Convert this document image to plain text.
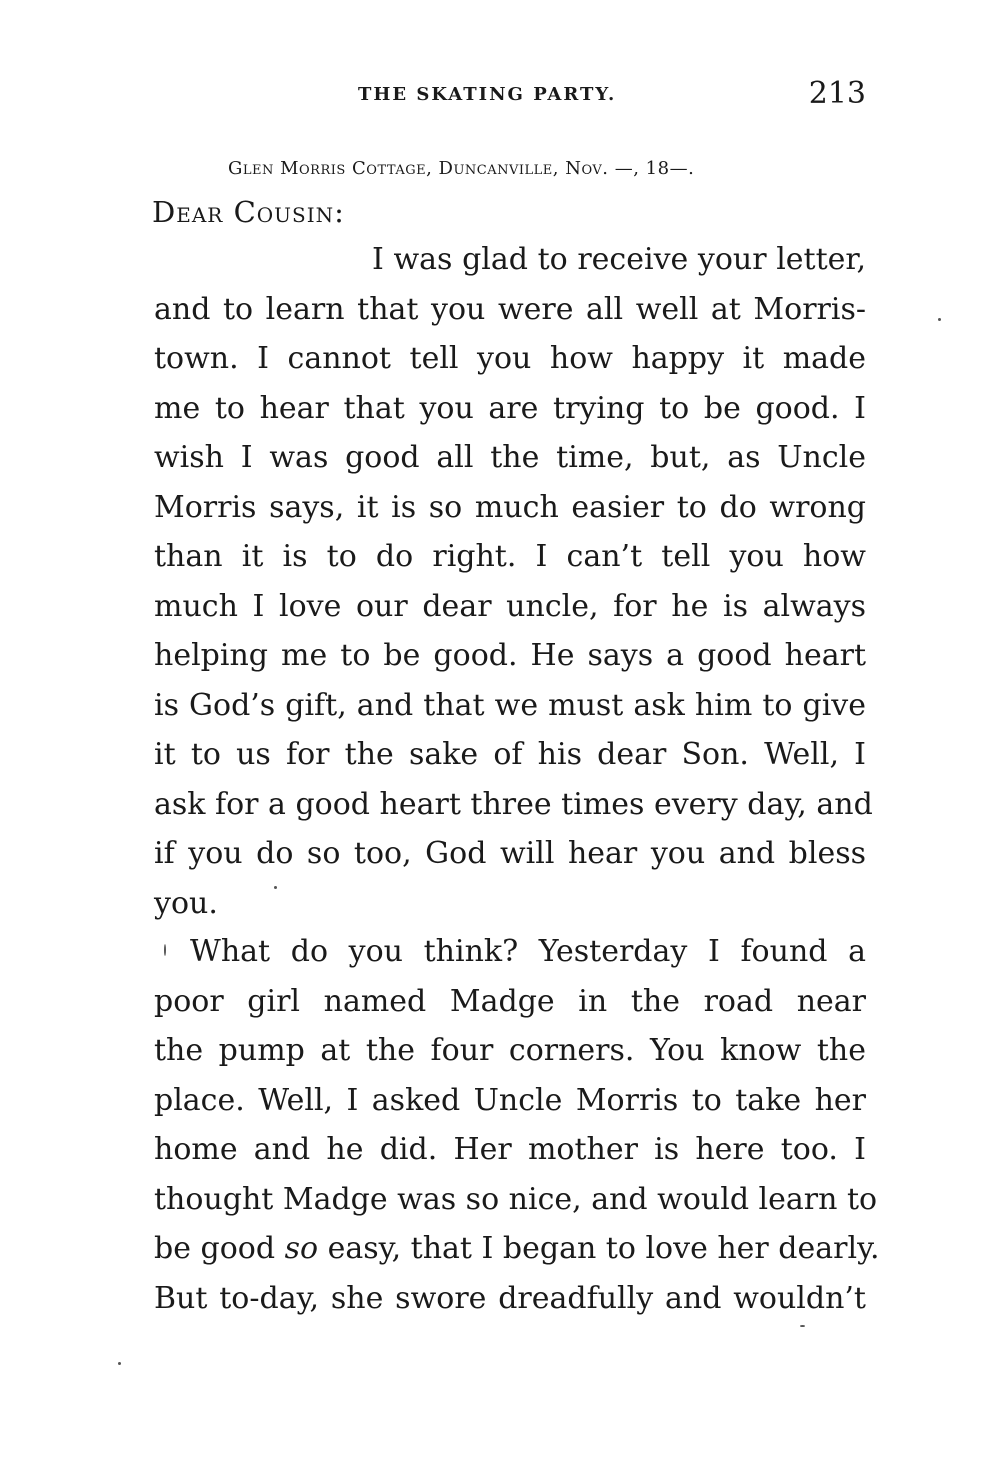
THE SKATING PARTY.	213
Glen Morris Cottage, Duncanville, Nov. —, 18—.
Dear Cousin:
I was glad to receive your letter,
and to learn that you were all well at Morris-
town. I cannot tell you how happy it made
me to hear that you are trying to be good. I
wish I was good all the time, but, as Uncle
Morris says, it is so much easier to do wrong
than it is to do right. I can’t tell you how
much I love our dear uncle, for he is always
helping me to be good. He says a good heart
is God’s gift, and that we must ask him to give
it to us for the sake of his dear Son. Well, I
ask for a good heart three times every day, and
if you do so too, God will hear you and bless
you.
What do you think? Yesterday I found a
poor girl named Madge in the road near
the pump at the four corners. You know the
place. Well, I asked Uncle Morris to take her
home and he did. Her mother is here too. I
thought Madge was so nice, and would learn to
be good so easy, that I began to love her dearly.
But to-day, she swore dreadfully and wouldn’t
